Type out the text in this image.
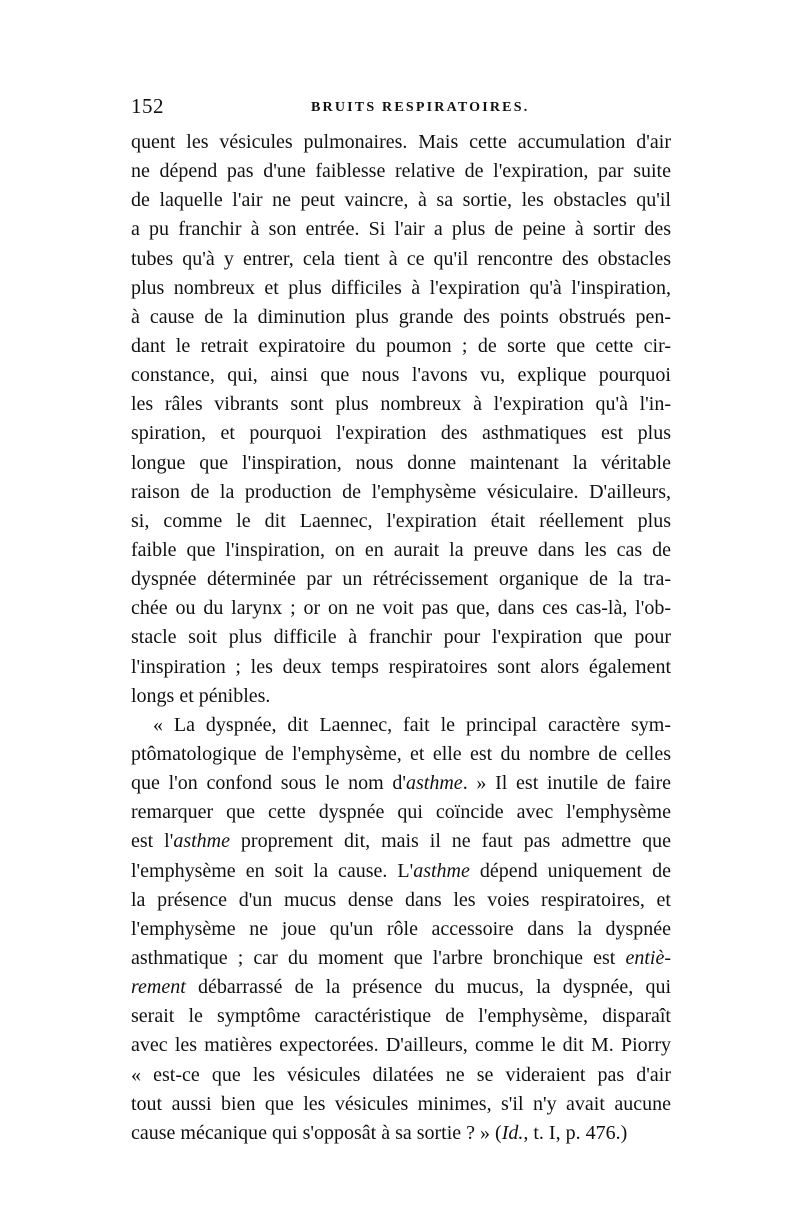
152	BRUITS RESPIRATOIRES.
quent les vésicules pulmonaires. Mais cette accumulation d'air
ne dépend pas d'une faiblesse relative de l'expiration, par suite
de laquelle l'air ne peut vaincre, à sa sortie, les obstacles qu'il
a pu franchir à son entrée. Si l'air a plus de peine à sortir des
tubes qu'à y entrer, cela tient à ce qu'il rencontre des obstacles
plus nombreux et plus difficiles à l'expiration qu'à l'inspiration,
à cause de la diminution plus grande des points obstrués pen-
dant le retrait expiratoire du poumon ; de sorte que cette cir-
constance, qui, ainsi que nous l'avons vu, explique pourquoi
les râles vibrants sont plus nombreux à l'expiration qu'à l'in-
spiration, et pourquoi l'expiration des asthmatiques est plus
longue que l'inspiration, nous donne maintenant la véritable
raison de la production de l'emphysème vésiculaire. D'ailleurs,
si, comme le dit Laennec, l'expiration était réellement plus
faible que l'inspiration, on en aurait la preuve dans les cas de
dyspnée déterminée par un rétrécissement organique de la tra-
chée ou du larynx ; or on ne voit pas que, dans ces cas-là, l'ob-
stacle soit plus difficile à franchir pour l'expiration que pour
l'inspiration ; les deux temps respiratoires sont alors également
longs et pénibles.
« La dyspnée, dit Laennec, fait le principal caractère sym-
ptômatologique de l'emphysème, et elle est du nombre de celles
que l'on confond sous le nom d'asthme. » Il est inutile de faire
remarquer que cette dyspnée qui coïncide avec l'emphysème
est l'asthme proprement dit, mais il ne faut pas admettre que
l'emphysème en soit la cause. L'asthme dépend uniquement de
la présence d'un mucus dense dans les voies respiratoires, et
l'emphysème ne joue qu'un rôle accessoire dans la dyspnée
asthmatique ; car du moment que l'arbre bronchique est entiè-
rement débarrassé de la présence du mucus, la dyspnée, qui
serait le symptôme caractéristique de l'emphysème, disparaît
avec les matières expectorées. D'ailleurs, comme le dit M. Piorry
« est-ce que les vésicules dilatées ne se videraient pas d'air
tout aussi bien que les vésicules minimes, s'il n'y avait aucune
cause mécanique qui s'opposât à sa sortie ? » (Id., t. I, p. 476.)
